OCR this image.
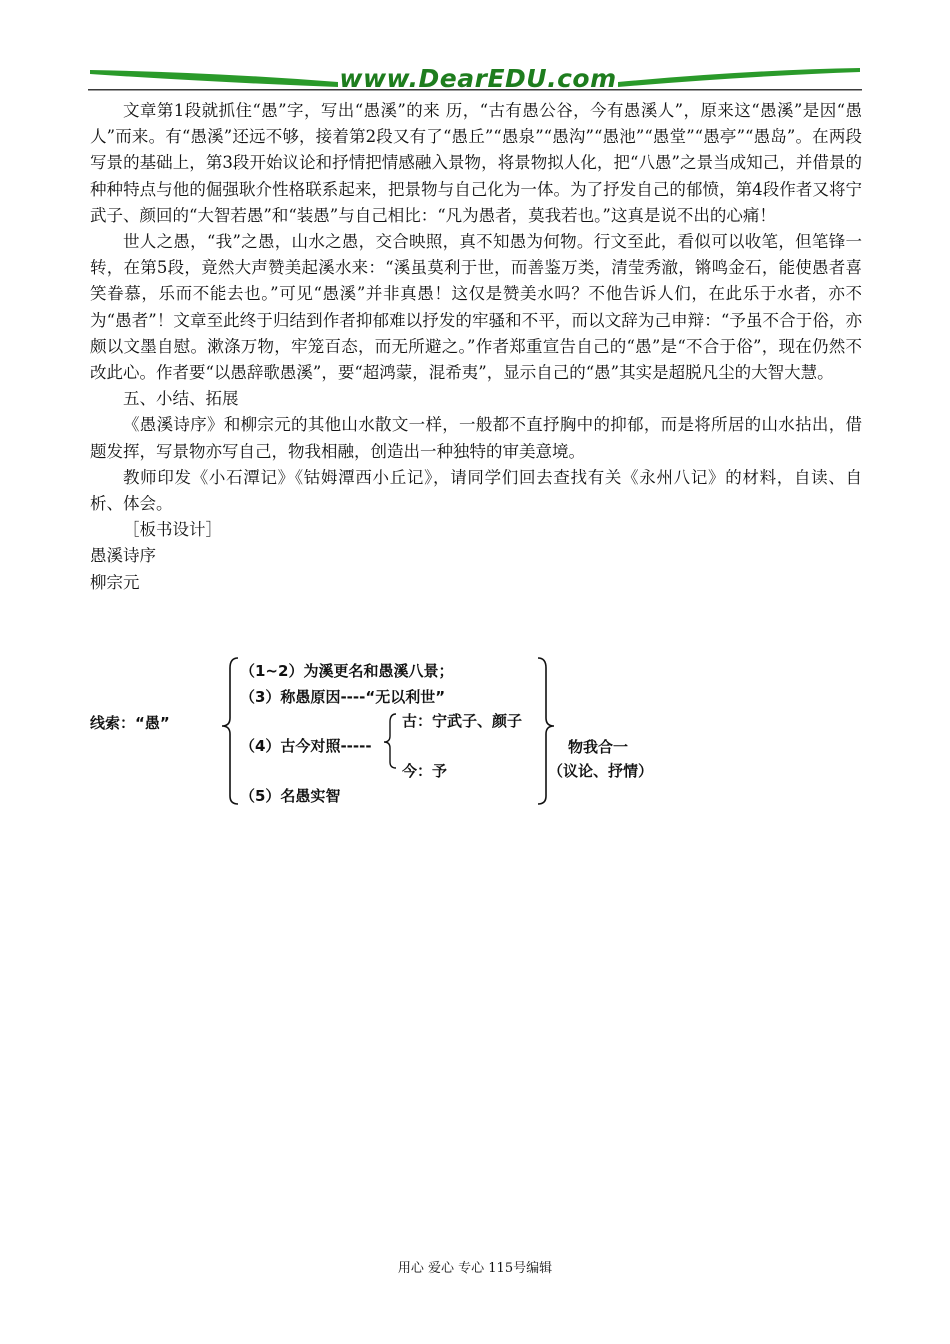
www.DearEDU.com

文章第1段就抓住“愚”字，写出“愚溪”的来 历，“古有愚公谷，今有愚溪人”，原来这“愚溪”是因“愚人”而来。有“愚溪”还远不够，接着第2段又有了“愚丘”“愚泉”“愚沟”“愚池”“愚堂”“愚亭”“愚岛”。在两段写景的基础上，第3段开始议论和抒情把情感融入景物，将景物拟人化，把“八愚”之景当成知己，并借景的种种特点与他的倔强耿介性格联系起来，把景物与自己化为一体。为了抒发自己的郁愤，第4段作者又将宁武子、颜回的“大智若愚”和“装愚”与自己相比：“凡为愚者，莫我若也。”这真是说不出的心痛！

世人之愚，“我”之愚，山水之愚，交合映照，真不知愚为何物。行文至此，看似可以收笔，但笔锋一转，在第5段，竟然大声赞美起溪水来：“溪虽莫利于世，而善鉴万类，清莹秀澈，锵鸣金石，能使愚者喜笑眷慕，乐而不能去也。”可见“愚溪”并非真愚！这仅是赞美水吗？不他告诉人们，在此乐于水者，亦不为“愚者”！文章至此终于归结到作者抑郁难以抒发的牢骚和不平，而以文辞为己申辩：“予虽不合于俗，亦颇以文墨自慰。漱涤万物，牢笼百态，而无所避之。”作者郑重宣告自己的“愚”是“不合于俗”，现在仍然不改此心。作者要“以愚辞歌愚溪”，要“超鸿蒙，混希夷”，显示自己的“愚”其实是超脱凡尘的大智大慧。

五、小结、拓展

《愚溪诗序》和柳宗元的其他山水散文一样，一般都不直抒胸中的抑郁，而是将所居的山水拈出，借题发挥，写景物亦写自己，物我相融，创造出一种独特的审美意境。

教师印发《小石潭记》《钴姆潭西小丘记》，请同学们回去查找有关《永州八记》的材料，自读、自析、体会。

［板书设计］

愚溪诗序

柳宗元

线索：“愚”
（1~2）为溪更名和愚溪八景；
（3）称愚原因----“无以利世”
（4）古今对照-----
古：宁武子、颜子
今：予
（5）名愚实智
物我合一
（议论、抒情）
用心 爱心 专心 115号编辑
